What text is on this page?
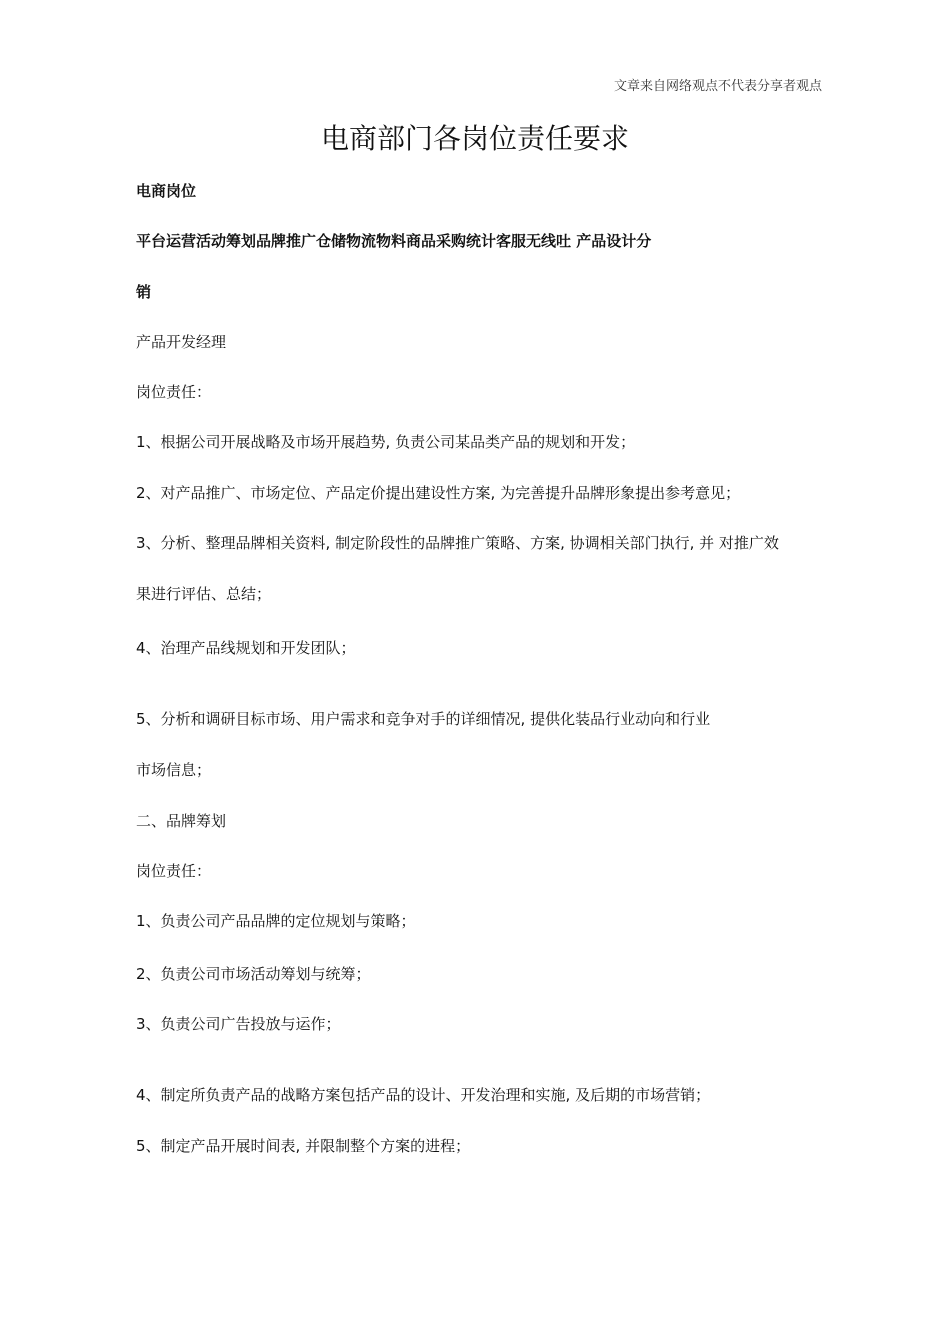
文章来自网络观点不代表分享者观点
电商部门各岗位责任要求
电商岗位
平台运营活动筹划品牌推广仓储物流物料商品采购统计客服无线吐 产品设计分
销
产品开发经理
岗位责任：
1、根据公司开展战略及市场开展趋势, 负责公司某品类产品的规划和开发；
2、对产品推广、市场定位、产品定价提出建设性方案, 为完善提升品牌形象提出参考意见；
3、分析、整理品牌相关资料, 制定阶段性的品牌推广策略、方案, 协调相关部门执行, 并 对推广效
果进行评估、总结；
4、治理产品线规划和开发团队；
5、分析和调研目标市场、用户需求和竞争对手的详细情况, 提供化装品行业动向和行业
市场信息；
二、品牌筹划
岗位责任：
1、负责公司产品品牌的定位规划与策略；
2、负责公司市场活动筹划与统筹；
3、负责公司广告投放与运作；
4、制定所负责产品的战略方案包括产品的设计、开发治理和实施, 及后期的市场营销；
5、制定产品开展时间表, 并限制整个方案的进程；
